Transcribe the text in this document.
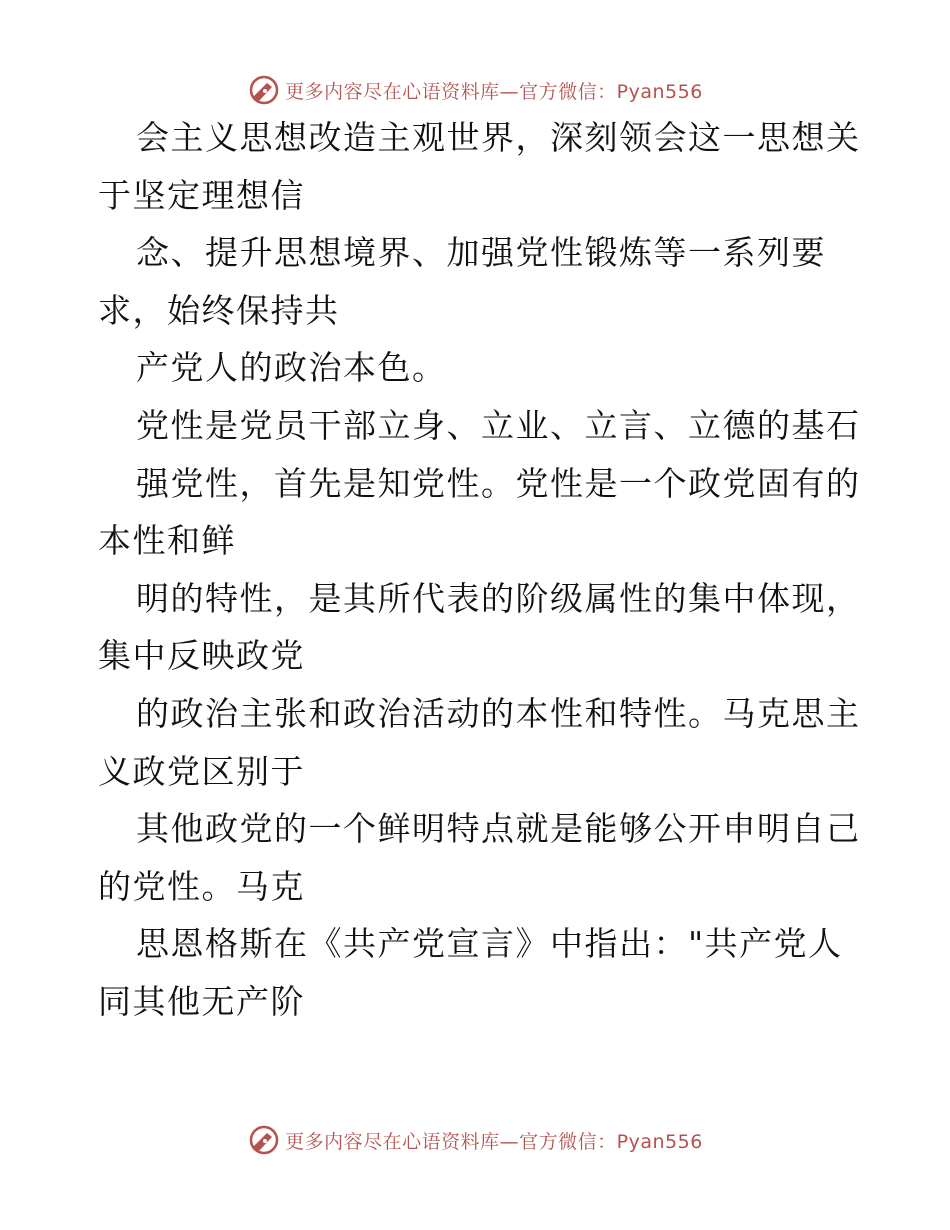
更多内容尽在心语资料库—官方微信：Pyan556
会主义思想改造主观世界，深刻领会这一思想关
于坚定理想信
念、提升思想境界、加强党性锻炼等一系列要
求，始终保持共
产党人的政治本色。
党性是党员干部立身、立业、立言、立德的基石
强党性，首先是知党性。党性是一个政党固有的
本性和鲜
明的特性，是其所代表的阶级属性的集中体现，
集中反映政党
的政治主张和政治活动的本性和特性。马克思主
义政党区别于
其他政党的一个鲜明特点就是能够公开申明自己
的党性。马克
思恩格斯在《共产党宣言》中指出："共产党人
同其他无产阶
更多内容尽在心语资料库—官方微信：Pyan556
